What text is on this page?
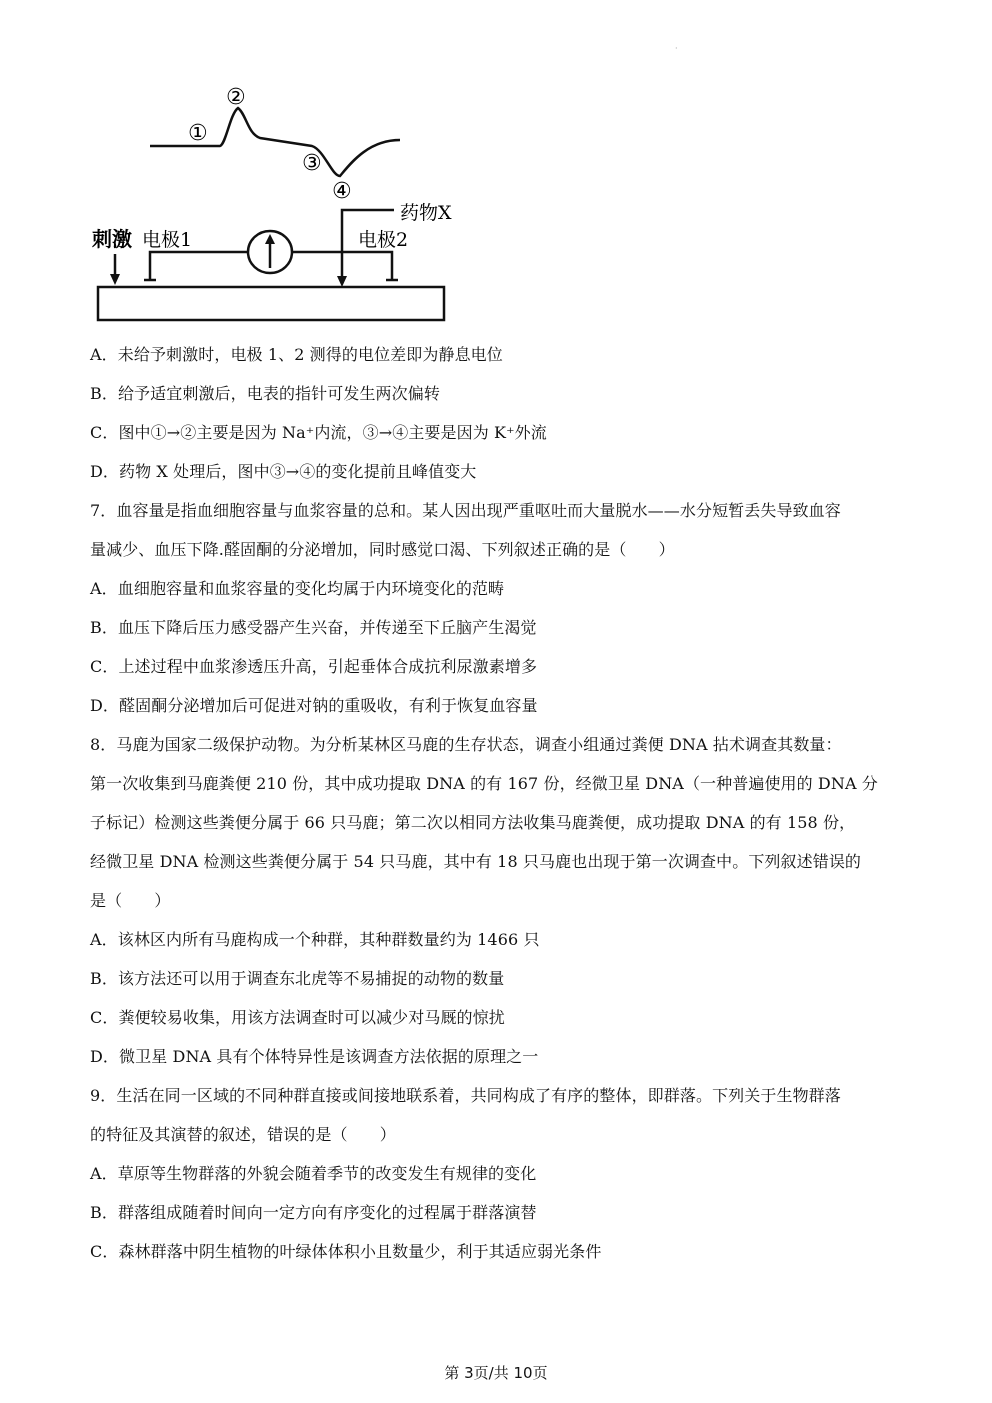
·
①
②
③
④
药物X
刺激 电极1	电极2
A．未给予刺激时，电极 1、2 测得的电位差即为静息电位
B．给予适宜刺激后，电表的指针可发生两次偏转
C．图中①→②主要是因为 Na⁺内流，③→④主要是因为 K⁺外流
D．药物 X 处理后，图中③→④的变化提前且峰值变大
7．血容量是指血细胞容量与血浆容量的总和。某人因出现严重呕吐而大量脱水——水分短暂丢失导致血容
量减少、血压下降.醛固酮的分泌增加，同时感觉口渴、下列叙述正确的是（　　）
A．血细胞容量和血浆容量的变化均属于内环境变化的范畴
B．血压下降后压力感受器产生兴奋，并传递至下丘脑产生渴觉
C．上述过程中血浆渗透压升高，引起垂体合成抗利尿激素增多
D．醛固酮分泌增加后可促进对钠的重吸收，有利于恢复血容量
8．马鹿为国家二级保护动物。为分析某林区马鹿的生存状态，调查小组通过粪便 DNA 拈术调查其数量：
第一次收集到马鹿粪便 210 份，其中成功提取 DNA 的有 167 份，经微卫星 DNA（一种普遍使用的 DNA 分
子标记）检测这些粪便分属于 66 只马鹿；第二次以相同方法收集马鹿粪便，成功提取 DNA 的有 158 份，
经微卫星 DNA 检测这些粪便分属于 54 只马鹿，其中有 18 只马鹿也出现于第一次调查中。下列叙述错误的
是（　　）
A．该林区内所有马鹿构成一个种群，其种群数量约为 1466 只
B．该方法还可以用于调查东北虎等不易捕捉的动物的数量
C．粪便较易收集，用该方法调查时可以减少对马厩的惊扰
D．微卫星 DNA 具有个体特异性是该调查方法依据的原理之一
9．生活在同一区域的不同种群直接或间接地联系着，共同构成了有序的整体，即群落。下列关于生物群落
的特征及其演替的叙述，错误的是（　　）
A．草原等生物群落的外貌会随着季节的改变发生有规律的变化
B．群落组成随着时间向一定方向有序变化的过程属于群落演替
C．森林群落中阴生植物的叶绿体体积小且数量少，利于其适应弱光条件
第 3页/共 10页
